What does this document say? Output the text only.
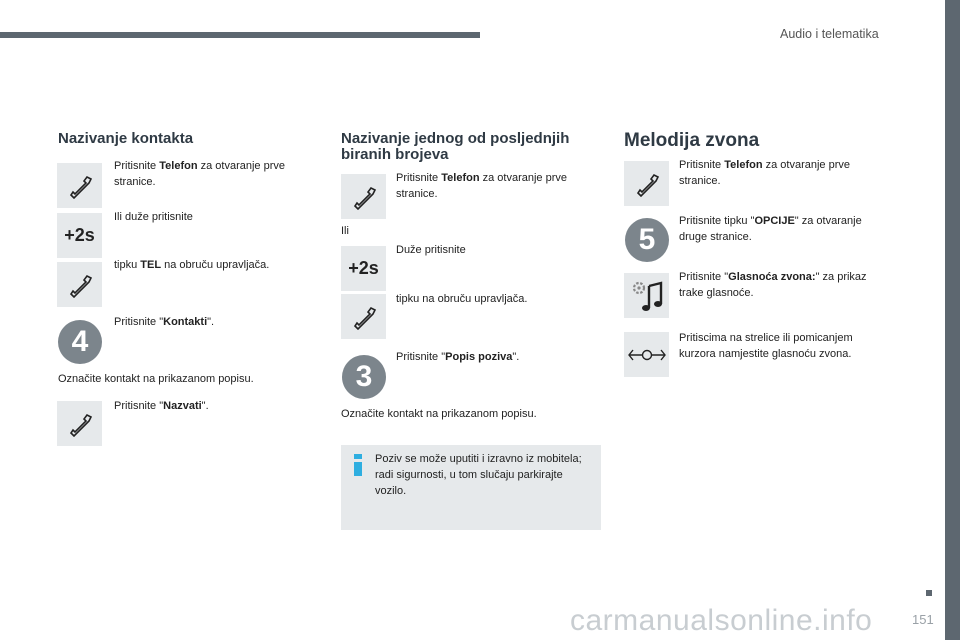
Audio i telematika
151
Nazivanje kontakta
Pritisnite Telefon za otvaranje prve stranice.
+2s
Ili duže pritisnite
tipku TEL na obruču upravljača.
4
Pritisnite "Kontakti".
Označite kontakt na prikazanom popisu.
Pritisnite "Nazvati".
Nazivanje jednog od posljednjih biranih brojeva
Pritisnite Telefon za otvaranje prve stranice.
Ili
+2s
Duže pritisnite
tipku na obruču upravljača.
3
Pritisnite "Popis poziva".
Označite kontakt na prikazanom popisu.
Poziv se može uputiti i izravno iz mobitela; radi sigurnosti, u tom slučaju parkirajte vozilo.
Melodija zvona
Pritisnite Telefon za otvaranje prve stranice.
5
Pritisnite tipku "OPCIJE" za otvaranje druge stranice.
Pritisnite "Glasnoća zvona:" za prikaz trake glasnoće.
Pritiscima na strelice ili pomicanjem kurzora namjestite glasnoću zvona.
carmanualsonline.info
